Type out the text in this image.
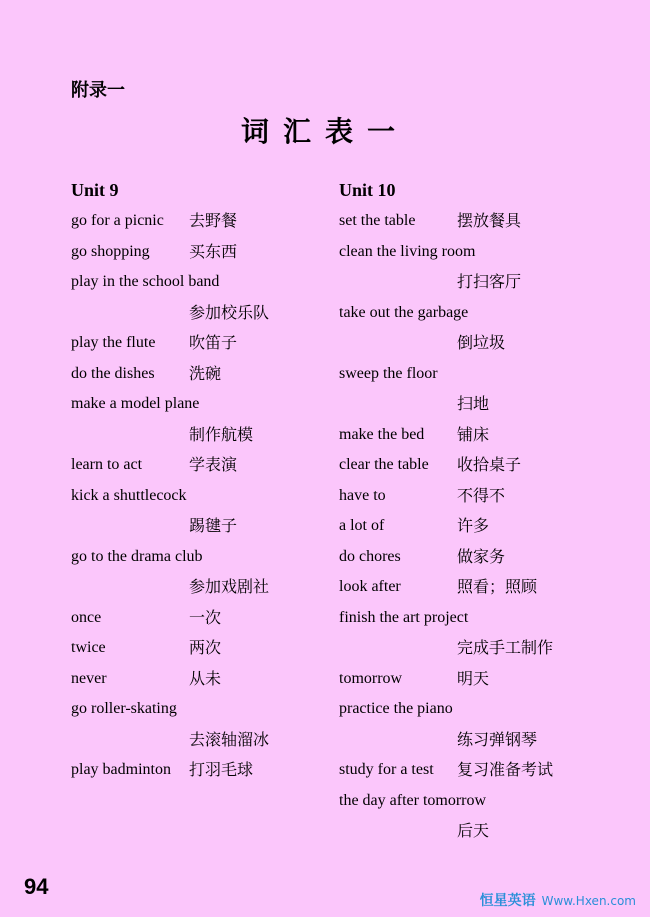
附录一
词汇表一
Unit 9
go for a picnic 去野餐
go shopping 买东西
play in the school band
参加校乐队
play the flute 吹笛子
do the dishes 洗碗
make a model plane
制作航模
learn to act	学表演
kick a shuttlecock
踢毽子
go to the drama club
参加戏剧社
once	一次
twice	两次
never	从未
go roller-skating
去滚轴溜冰
play badminton 打羽毛球
Unit 10
set the table	摆放餐具
clean the living room
打扫客厅
take out the garbage
倒垃圾
sweep the floor
扫地
make the bed 铺床
clear the table 收拾桌子
have to	不得不
a lot of	许多
do chores	做家务
look after	照看；照顾
finish the art project
完成手工制作
tomorrow	明天
practice the piano
练习弹钢琴
study for a test 复习准备考试
the day after tomorrow
后天
94
恒星英语 Www.Hxen.com
